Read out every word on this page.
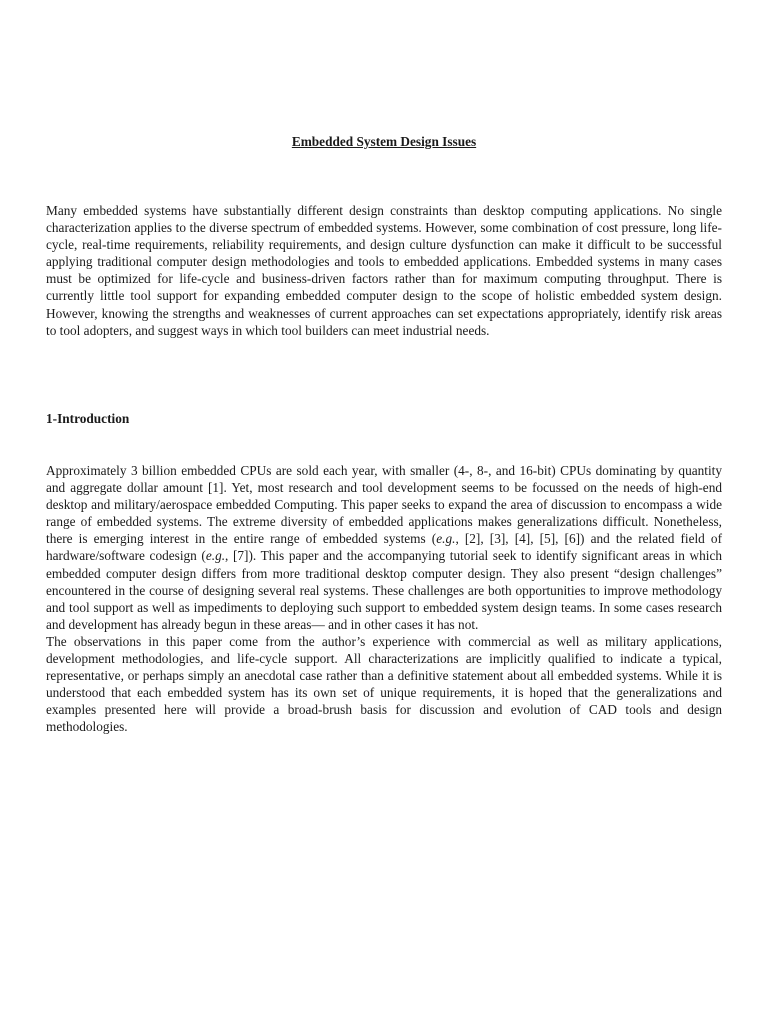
Embedded System Design Issues

Many embedded systems have substantially different design constraints than desktop computing applications. No single characterization applies to the diverse spectrum of embedded systems. However, some combination of cost pressure, long life-cycle, real-time requirements, reliability requirements, and design culture dysfunction can make it difficult to be successful applying traditional computer design methodologies and tools to embedded applications. Embedded systems in many cases must be optimized for life-cycle and business-driven factors rather than for maximum computing throughput. There is currently little tool support for expanding embedded computer design to the scope of holistic embedded system design. However, knowing the strengths and weaknesses of current approaches can set expectations appropriately, identify risk areas to tool adopters, and suggest ways in which tool builders can meet industrial needs.

1-Introduction

Approximately 3 billion embedded CPUs are sold each year, with smaller (4-, 8-, and 16-bit) CPUs dominating by quantity and aggregate dollar amount [1]. Yet, most research and tool development seems to be focussed on the needs of high-end desktop and military/aerospace embedded Computing. This paper seeks to expand the area of discussion to encompass a wide range of embedded systems. The extreme diversity of embedded applications makes generalizations difficult. Nonetheless, there is emerging interest in the entire range of embedded systems (e.g., [2], [3], [4], [5], [6]) and the related field of hardware/software codesign (e.g., [7]). This paper and the accompanying tutorial seek to identify significant areas in which embedded computer design differs from more traditional desktop computer design. They also present “design challenges” encountered in the course of designing several real systems. These challenges are both opportunities to improve methodology and tool support as well as impediments to deploying such support to embedded system design teams. In some cases research and development has already begun in these areas— and in other cases it has not.

The observations in this paper come from the author’s experience with commercial as well as military applications, development methodologies, and life-cycle support. All characterizations are implicitly qualified to indicate a typical, representative, or perhaps simply an anecdotal case rather than a definitive statement about all embedded systems. While it is understood that each embedded system has its own set of unique requirements, it is hoped that the generalizations and examples presented here will provide a broad-brush basis for discussion and evolution of CAD tools and design methodologies.
